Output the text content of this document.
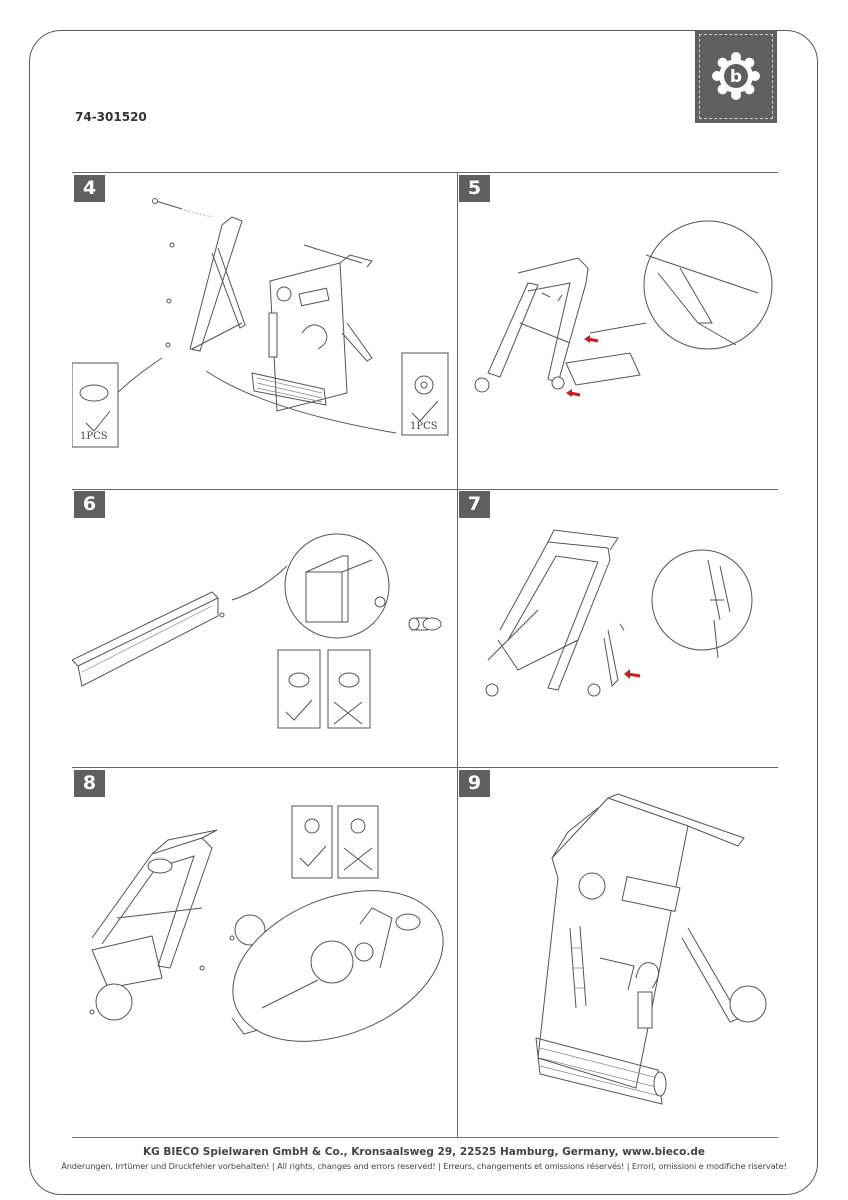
b
74-301520
4	5
6	7
8	9
1PCS
1PCS
KG BIECO Spielwaren GmbH & Co., Kronsaalsweg 29, 22525 Hamburg, Germany, www.bieco.de
Änderungen, Irrtümer und Druckfehler vorbehalten! | All rights, changes and errors reserved! | Erreurs, changements et omissions réservés! | Errori, omissioni e modifiche riservate!
